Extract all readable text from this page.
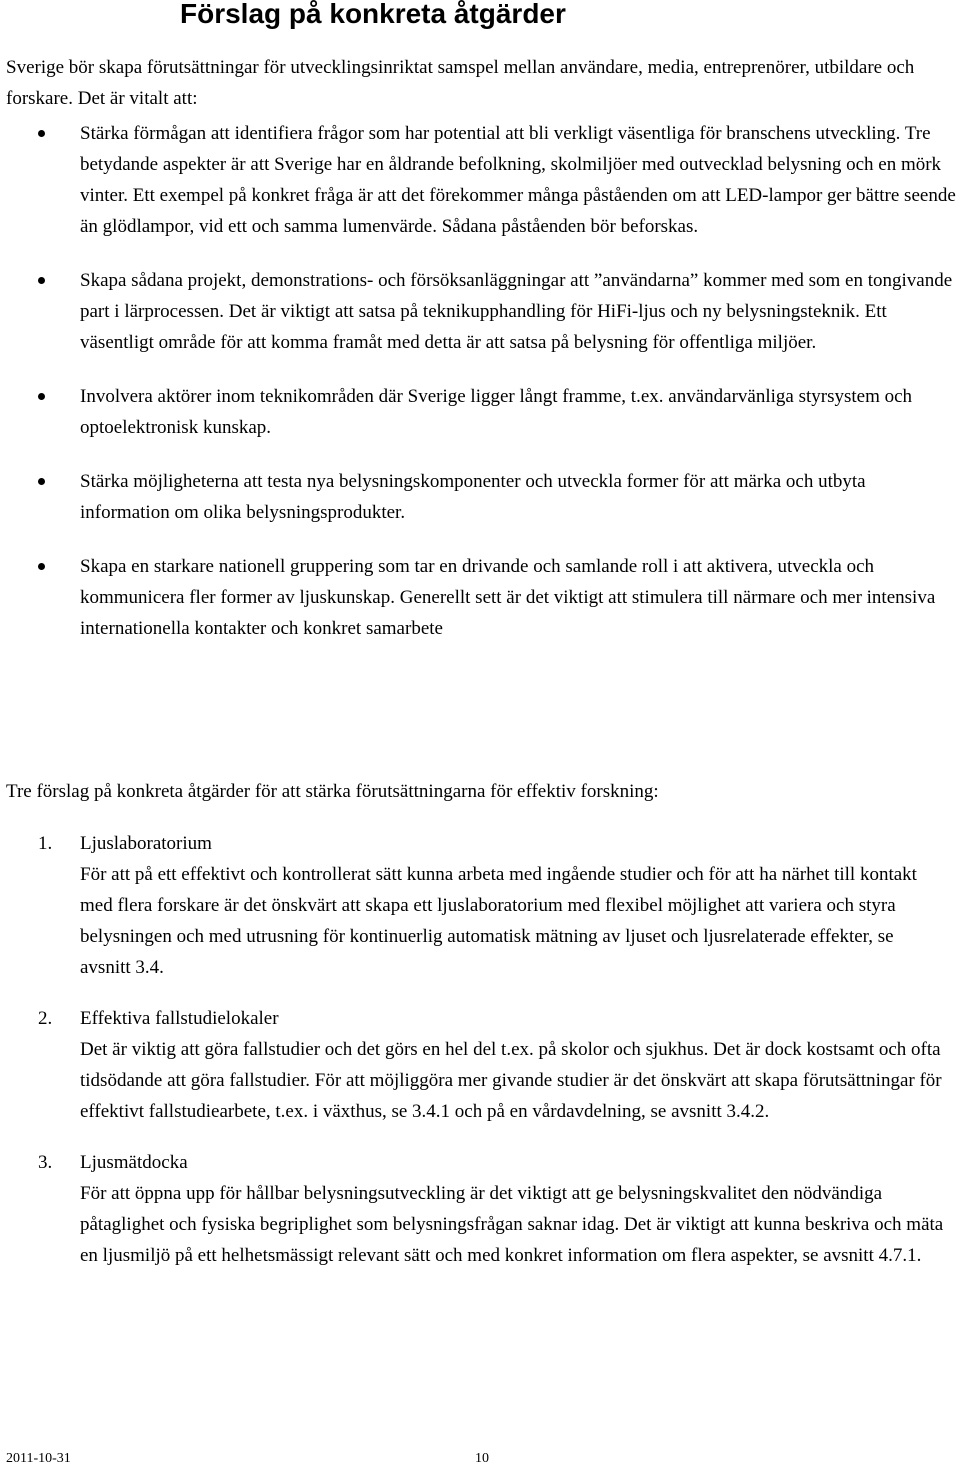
Förslag på konkreta åtgärder

Sverige bör skapa förutsättningar för utvecklingsinriktat samspel mellan användare, media, entreprenörer, utbildare och forskare. Det är vitalt att:

Stärka förmågan att identifiera frågor som har potential att bli verkligt väsentliga för branschens utveckling. Tre betydande aspekter är att Sverige har en åldrande befolkning, skolmiljöer med outvecklad belysning och en mörk vinter. Ett exempel på konkret fråga är att det förekommer många påståenden om att LED-lampor ger bättre seende än glödlampor, vid ett och samma lumenvärde. Sådana påståenden bör beforskas.
Skapa sådana projekt, demonstrations- och försöksanläggningar att ”användarna” kommer med som en tongivande part i lärprocessen. Det är viktigt att satsa på teknikupphandling för HiFi-ljus och ny belysningsteknik. Ett väsentligt område för att komma framåt med detta är att satsa på belysning för offentliga miljöer.
Involvera aktörer inom teknikområden där Sverige ligger långt framme, t.ex. användarvänliga styrsystem och optoelektronisk kunskap.
Stärka möjligheterna att testa nya belysningskomponenter och utveckla former för att märka och utbyta information om olika belysningsprodukter.
Skapa en starkare nationell gruppering som tar en drivande och samlande roll i att aktivera, utveckla och kommunicera fler former av ljuskunskap. Generellt sett är det viktigt att stimulera till närmare och mer intensiva internationella kontakter och konkret samarbete

Tre förslag på konkreta åtgärder för att stärka förutsättningarna för effektiv forskning:

1. Ljuslaboratorium
För att på ett effektivt och kontrollerat sätt kunna arbeta med ingående studier och för att ha närhet till kontakt med flera forskare är det önskvärt att skapa ett ljuslaboratorium med flexibel möjlighet att variera och styra belysningen och med utrusning för kontinuerlig automatisk mätning av ljuset och ljusrelaterade effekter, se avsnitt 3.4.
2. Effektiva fallstudielokaler
Det är viktig att göra fallstudier och det görs en hel del t.ex. på skolor och sjukhus. Det är dock kostsamt och ofta tidsödande att göra fallstudier. För att möjliggöra mer givande studier är det önskvärt att skapa förutsättningar för effektivt fallstudiearbete, t.ex. i växthus, se 3.4.1 och på en vårdavdelning, se avsnitt 3.4.2.
3. Ljusmätdocka
För att öppna upp för hållbar belysningsutveckling är det viktigt att ge belysningskvalitet den nödvändiga påtaglighet och fysiska begriplighet som belysningsfrågan saknar idag. Det är viktigt att kunna beskriva och mäta en ljusmiljö på ett helhetsmässigt relevant sätt och med konkret information om flera aspekter, se avsnitt 4.7.1.
2011-10-31	10
